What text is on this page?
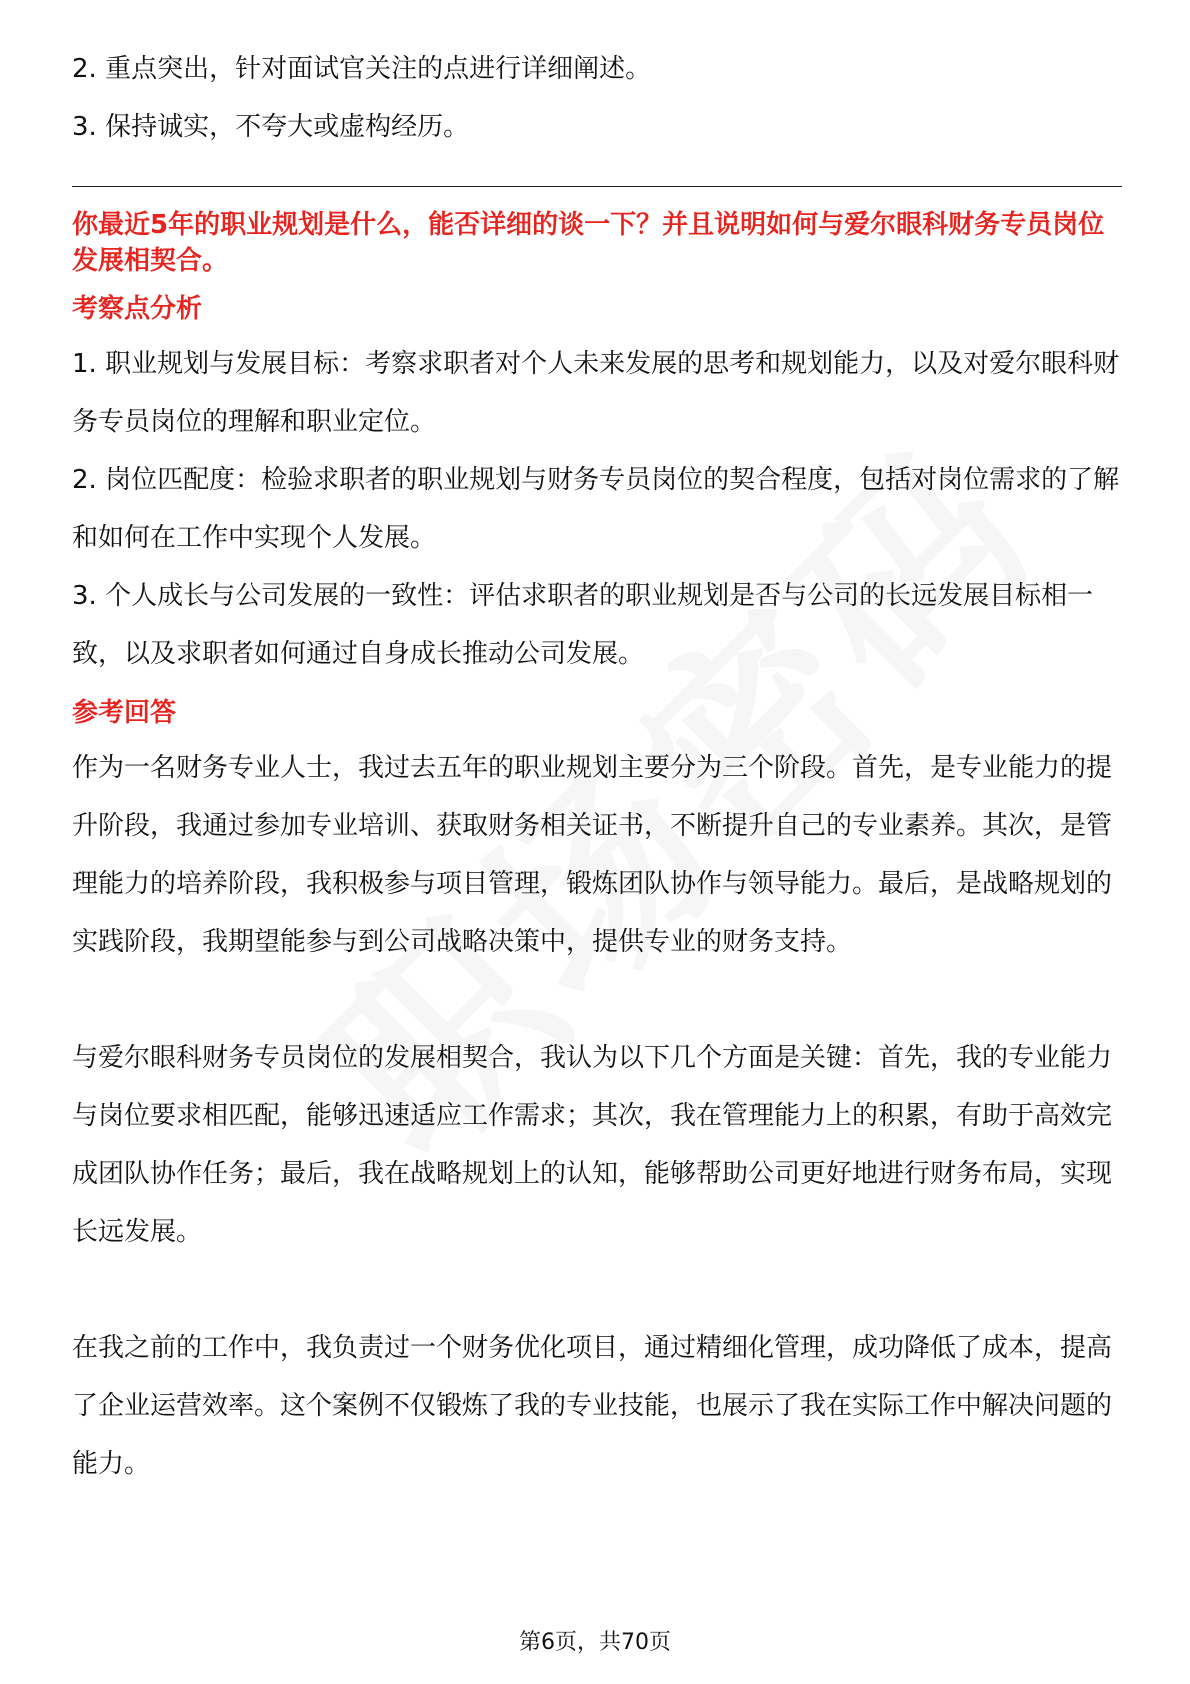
2. 重点突出，针对面试官关注的点进行详细阐述。

3. 保持诚实，不夸大或虚构经历。

你最近5年的职业规划是什么，能否详细的谈一下？并且说明如何与爱尔眼科财务专员岗位发展相契合。

考察点分析

1. 职业规划与发展目标：考察求职者对个人未来发展的思考和规划能力，以及对爱尔眼科财务专员岗位的理解和职业定位。

2. 岗位匹配度：检验求职者的职业规划与财务专员岗位的契合程度，包括对岗位需求的了解和如何在工作中实现个人发展。

3. 个人成长与公司发展的一致性：评估求职者的职业规划是否与公司的长远发展目标相一致，以及求职者如何通过自身成长推动公司发展。

参考回答

作为一名财务专业人士，我过去五年的职业规划主要分为三个阶段。首先，是专业能力的提升阶段，我通过参加专业培训、获取财务相关证书，不断提升自己的专业素养。其次，是管理能力的培养阶段，我积极参与项目管理，锻炼团队协作与领导能力。最后，是战略规划的实践阶段，我期望能参与到公司战略决策中，提供专业的财务支持。

与爱尔眼科财务专员岗位的发展相契合，我认为以下几个方面是关键：首先，我的专业能力与岗位要求相匹配，能够迅速适应工作需求；其次，我在管理能力上的积累，有助于高效完成团队协作任务；最后，我在战略规划上的认知，能够帮助公司更好地进行财务布局，实现长远发展。

在我之前的工作中，我负责过一个财务优化项目，通过精细化管理，成功降低了成本，提高了企业运营效率。这个案例不仅锻炼了我的专业技能，也展示了我在实际工作中解决问题的能力。

第6页，共70页
